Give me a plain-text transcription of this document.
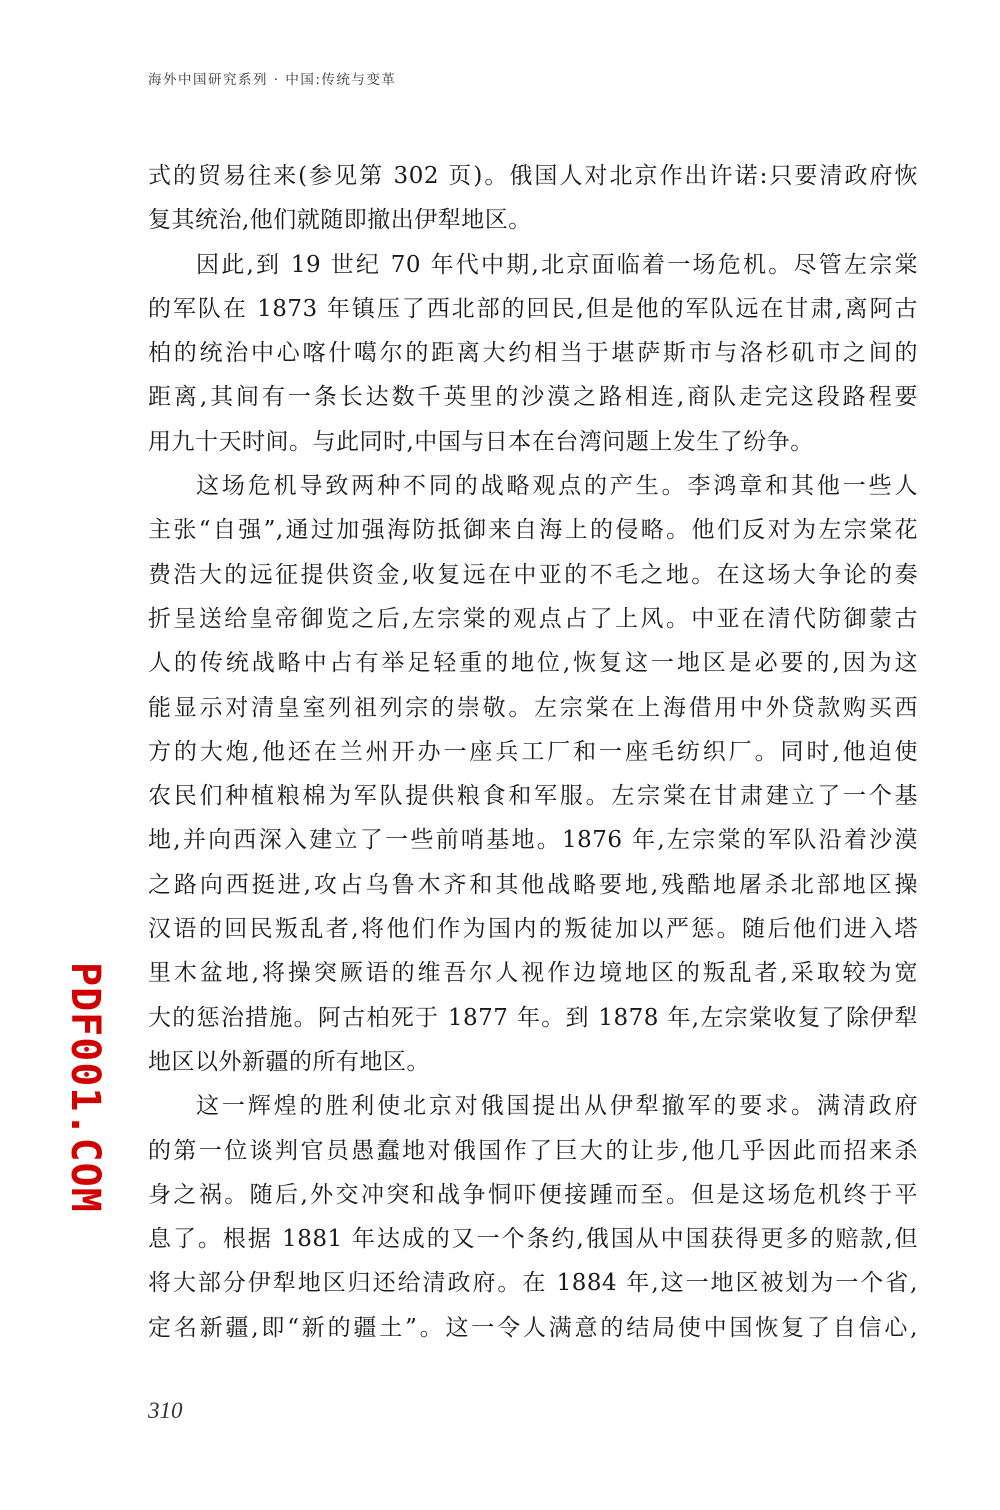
海外中国研究系列 · 中国:传统与变革
式的贸易往来(参见第 302 页)。俄国人对北京作出许诺:只要清政府恢
复其统治,他们就随即撤出伊犁地区。
因此,到 19 世纪 70 年代中期,北京面临着一场危机。尽管左宗棠
的军队在 1873 年镇压了西北部的回民,但是他的军队远在甘肃,离阿古
柏的统治中心喀什噶尔的距离大约相当于堪萨斯市与洛杉矶市之间的
距离,其间有一条长达数千英里的沙漠之路相连,商队走完这段路程要
用九十天时间。与此同时,中国与日本在台湾问题上发生了纷争。
这场危机导致两种不同的战略观点的产生。李鸿章和其他一些人
主张“自强”,通过加强海防抵御来自海上的侵略。他们反对为左宗棠花
费浩大的远征提供资金,收复远在中亚的不毛之地。在这场大争论的奏
折呈送给皇帝御览之后,左宗棠的观点占了上风。中亚在清代防御蒙古
人的传统战略中占有举足轻重的地位,恢复这一地区是必要的,因为这
能显示对清皇室列祖列宗的崇敬。左宗棠在上海借用中外贷款购买西
方的大炮,他还在兰州开办一座兵工厂和一座毛纺织厂。同时,他迫使
农民们种植粮棉为军队提供粮食和军服。左宗棠在甘肃建立了一个基
地,并向西深入建立了一些前哨基地。1876 年,左宗棠的军队沿着沙漠
之路向西挺进,攻占乌鲁木齐和其他战略要地,残酷地屠杀北部地区操
汉语的回民叛乱者,将他们作为国内的叛徒加以严惩。随后他们进入塔
里木盆地,将操突厥语的维吾尔人视作边境地区的叛乱者,采取较为宽
大的惩治措施。阿古柏死于 1877 年。到 1878 年,左宗棠收复了除伊犁
地区以外新疆的所有地区。
这一辉煌的胜利使北京对俄国提出从伊犁撤军的要求。满清政府
的第一位谈判官员愚蠢地对俄国作了巨大的让步,他几乎因此而招来杀
身之祸。随后,外交冲突和战争恫吓便接踵而至。但是这场危机终于平
息了。根据 1881 年达成的又一个条约,俄国从中国获得更多的赔款,但
将大部分伊犁地区归还给清政府。在 1884 年,这一地区被划为一个省,
定名新疆,即“新的疆土”。这一令人满意的结局使中国恢复了自信心,
310
PDF001.COM
